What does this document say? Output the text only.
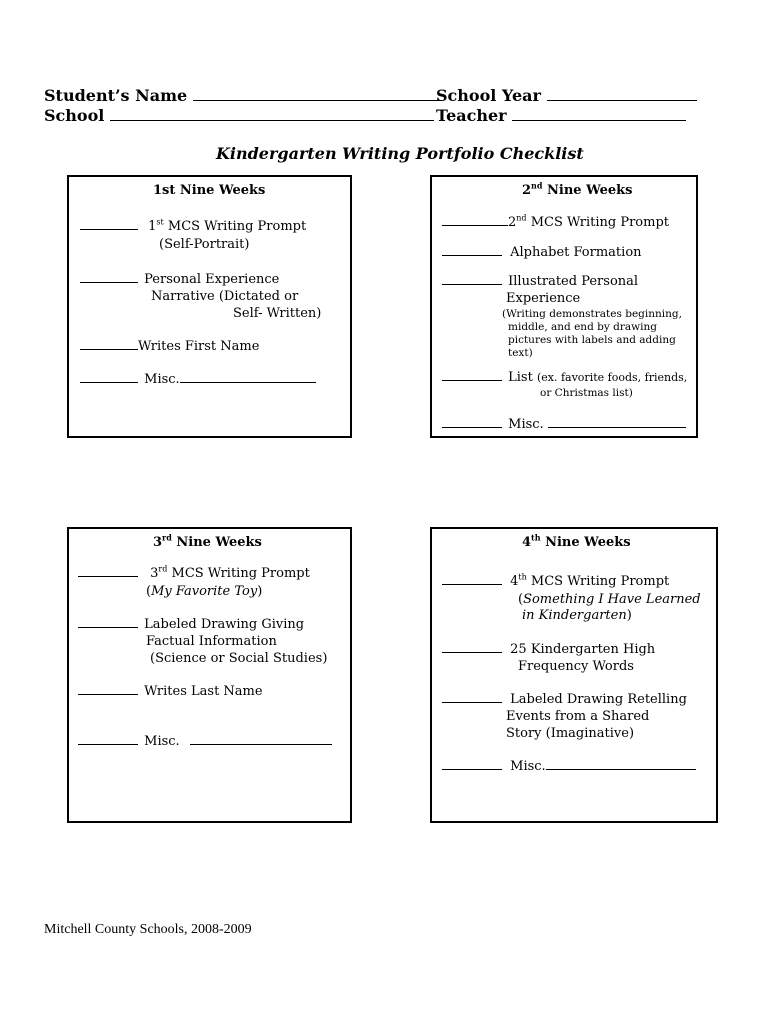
Student’s Name	School Year
School	Teacher
Kindergarten Writing Portfolio Checklist
1st Nine Weeks
1st MCS Writing Prompt
(Self-Portrait)
Personal Experience
Narrative (Dictated or
Self- Written)
Writes First Name
Misc.
2nd Nine Weeks
2nd MCS Writing Prompt
Alphabet Formation
Illustrated Personal
Experience
(Writing demonstrates beginning,
middle, and end by drawing
pictures with labels and adding
text)
List (ex. favorite foods, friends,
or Christmas list)
Misc.
3rd Nine Weeks
3rd MCS Writing Prompt
(My Favorite Toy)
Labeled Drawing Giving
Factual Information
(Science or Social Studies)
Writes Last Name
Misc.
4th Nine Weeks
4th MCS Writing Prompt
(Something I Have Learned
in Kindergarten)
25 Kindergarten High
Frequency Words
Labeled Drawing Retelling
Events from a Shared
Story (Imaginative)
Misc.
Mitchell County Schools, 2008-2009
